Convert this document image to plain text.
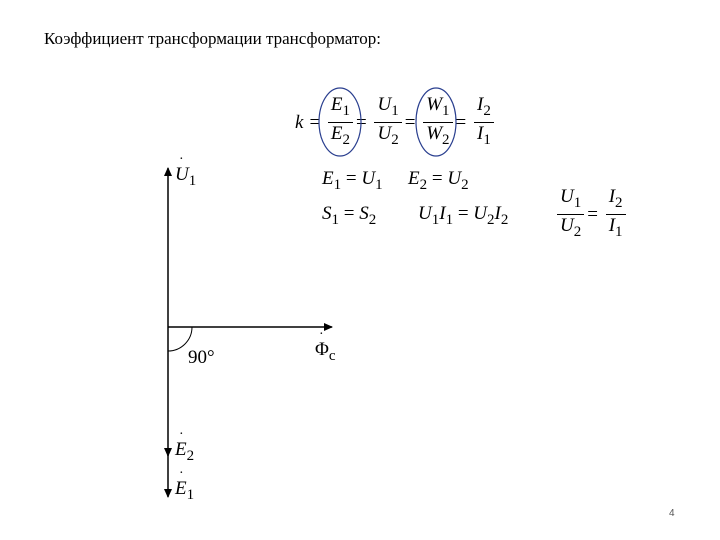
Коэффициент трансформации трансформатор:
$k = \frac{E_1}{E_2} = \frac{U_1}{U_2} = \frac{W_1}{W_2} = \frac{I_2}{I_1}$
$E_1 = U_1$ $E_2 = U_2$
$S_1 = S_2$ $U_1I_1 = U_2I_2$	$\frac{U_1}{U_2} = \frac{I_2}{I_1}$
·
$U_1$
90°
·
$\Phi_c$
·
$E_2$
·
$E_1$
4
